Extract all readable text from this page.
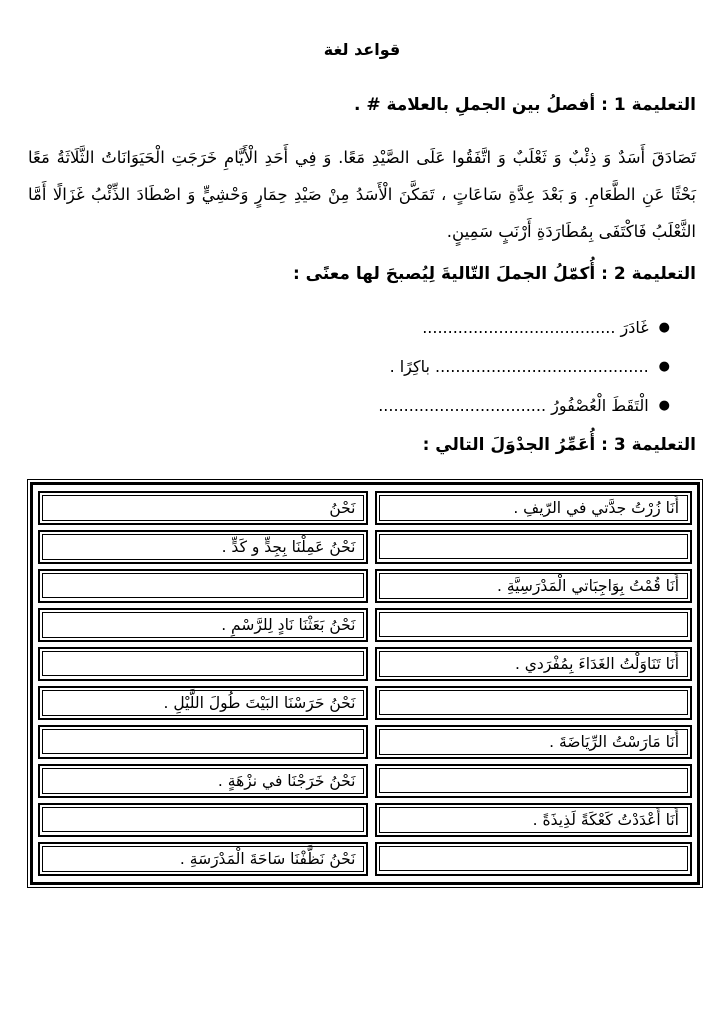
قواعد لغة
التعليمة 1 : أفصلُ بين الجملِ بالعلامة # .

تَصَادَقَ أَسَدٌ وَ ذِئْبٌ وَ ثَعْلَبٌ وَ اتَّفَقُوا عَلَى الصَّيْدِ مَعًا. وَ فِي أَحَدِ الْأَيَّامِ خَرَجَتِ الْحَيَوَانَاتُ الثَّلَاثَةُ مَعًا بَحْثًا عَنِ الطَّعَامِ. وَ بَعْدَ عِدَّةِ سَاعَاتٍ ، تَمَكَّنَ الْأَسَدُ مِنْ صَيْدِ حِمَارٍ وَحْشِيٍّ وَ اصْطَادَ الذِّئْبُ غَزَالًا أَمَّا الثَّعْلَبُ فَاكْتَفَى بِمُطَارَدَةِ أَرْنَبٍ سَمِينٍ.

التعليمة 2 : أُكمّلُ الجملَ التّاليةَ لِيُصبحَ لها معنًى :
●
غَادَرَ ......................................
●
.......................................... باكِرًا .
●
الْتَقَطَ الْعُصْفُورُ .................................
التعليمة 3 : أُعَمِّرُ الجدْوَلَ التالي :
أَنَا زُرْتُ جدَّتي في الرّيفِ .
نَحْنُ
نَحْنُ عَمِلْنَا بِجِدٍّ و كَدٍّ .
أَنَا قُمْتُ بِوَاجِبَاتي الْمَدْرَسِيَّةِ .
نَحْنُ بَعَثْنَا نَادٍ لِلرَّسْمِ .
أَنَا تَنَاوَلْتُ الغَدَاءَ بِمُفْرَدي .
نَحْنُ حَرَسْنَا البَيْتَ طُولَ اللَّيْلِ .
أَنَا مَارَسْتُ الرِّيَاضَةَ .
نَحْنُ خَرَجْنَا في نزْهَةٍ .
أَنَا أَعْدَدْتُ كَعْكَةً لَذِيذَةً .
نَحْنُ نَظَّفْنَا سَاحَةَ الْمَدْرَسَةِ .
